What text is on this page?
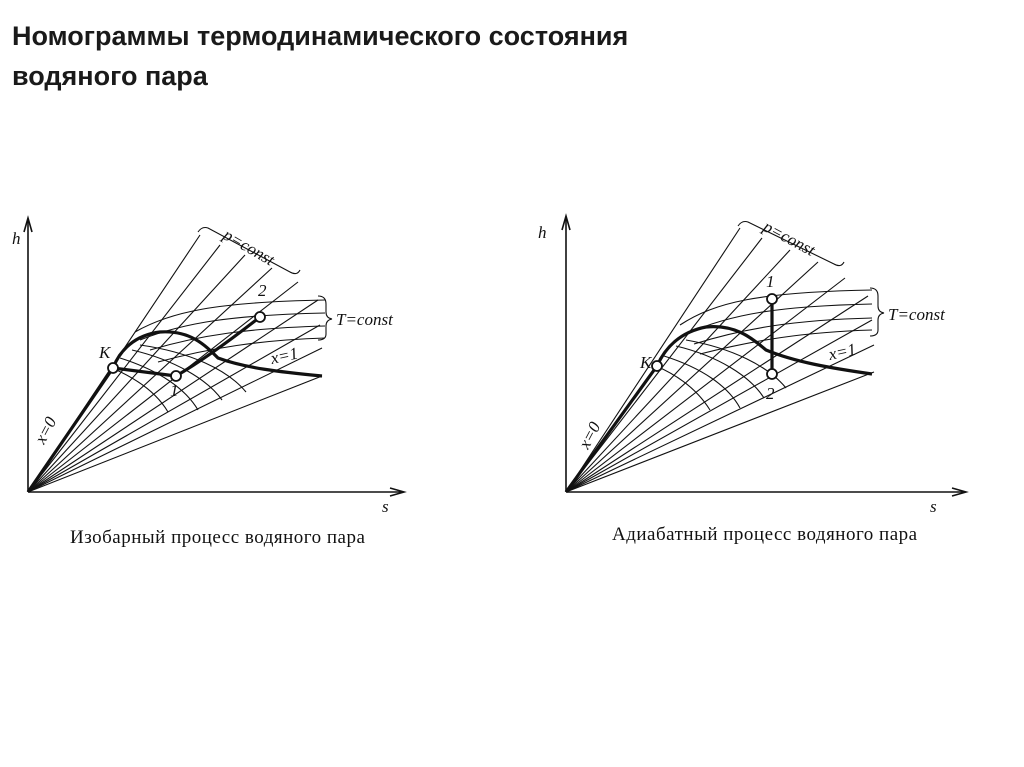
Номограммы термодинамического состояния
водяного пара
p=const
T=const
h
s
K
1
2
x=1
x=0
p=const
T=const
h
s
K
1
2
x=1
x=0
Изобарный процесс водяного пара	Адиабатный процесс водяного пара
